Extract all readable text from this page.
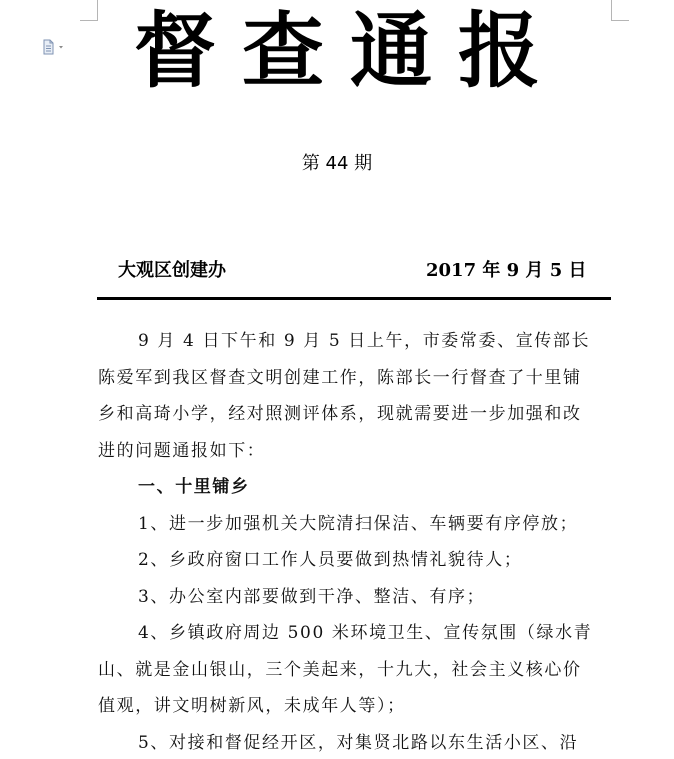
督查通报
第 44 期
大观区创建办	2017 年 9 月 5 日

9 月 4 日下午和 9 月 5 日上午，市委常委、宣传部长陈爱军到我区督查文明创建工作，陈部长一行督查了十里铺乡和高琦小学，经对照测评体系，现就需要进一步加强和改进的问题通报如下：

一、十里铺乡

1、进一步加强机关大院清扫保洁、车辆要有序停放；

2、乡政府窗口工作人员要做到热情礼貌待人；

3、办公室内部要做到干净、整洁、有序；

4、乡镇政府周边 500 米环境卫生、宣传氛围（绿水青山、就是金山银山，三个美起来，十九大，社会主义核心价值观，讲文明树新风，未成年人等）；

5、对接和督促经开区，对集贤北路以东生活小区、沿
